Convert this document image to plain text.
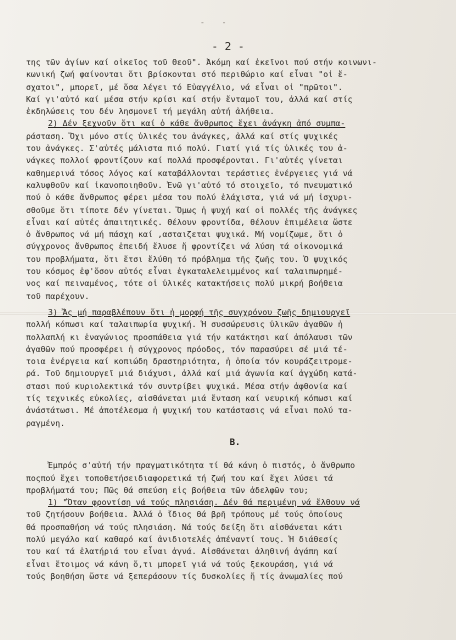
- -
- 2 -
της τῶν ἁγίων καί οἰκεῖος τοῦ Θεοῦ". Ἀκόμη καί ἐκεῖνοι πού στήν κοινωνι-
κωνική ζωή φαίνονται ὅτι βρίσκονται στό περιθώριο καί εἶναι "οἱ ἔ-
σχατοι", μπορεῖ, μέ ὅσα λέγει τό Εὐαγγέλιο, νά εἶναι οἱ "πρῶτοι".
Καί γι'αὐτό καί μέσα στήν κρίσι καί στήν ἔνταμοῖ του, ἀλλά καί στίς
ἐκδηλώσεις του δέν λησμονεῖ τή μεγάλη αὐτή ἀλήθεια.
2) Δέν ξεχνοῦν ὅτι καί ὁ κάθε ἄνθρωπος ἔχει ἀνάγκη ἀπό συμπα-
ράσταση. Ὄχι μόνο στίς ὑλικές του ἀνάγκες, ἀλλά καί στίς ψυχικές
του ἀνάγκες. Σ'αὐτές μάλιστα πιό πολύ. Γιατί γιά τίς ὑλικές του ἀ-
νάγκες πολλοί φροντίζουν καί πολλά προσφέρονται. Γι'αὐτές γίνεται
καθημερινά τόσος λόγος καί καταβάλλονται τεράστιες ἐνέργειες γιά νά
καλυφθοῦν καί ἱκανοποιηθοῦν. Ἐνῶ γι'αὐτό τό στοιχεῖο, τό πνευματικό
πού ὁ κάθε ἄνθρωπος φέρει μέσα του πολύ ἐλάχιστα, γιά νά μή ἰσχυρι-
σθοῦμε ὅτι τίποτε δέν γίνεται. Ὅμως ἡ ψυχή καί οἱ πολλές τῆς ἀνάγκες
εἶναι καί αὐτές ἀπαιτητικές. Θέλουν φροντίδα, θέλουν ἐπιμέλεια ὥστε
ὁ ἄνθρωπος νά μή πάσχη καί ,ασταιζεται ψυχικά. Μή νομίζωμε, ὅτι ὁ
σύγχρονος ἄνθρωπος ἐπειδή ἔλυσε ἤ φροντίζει νά λύση τά οἰκονομικά
του προβλήματα, ὅτι ἔτσι ἔλύθη τό πρόβλημα τῆς ζωῆς του. Ὁ ψυχικός
του κόσμος ἐφ'ὅσον αὐτός εἶναι ἐγκαταλελειμμένος καί ταλαιπωρημέ-
νος καί πειναμένος, τότε οἱ ὑλικές κατακτήσεις πολύ μικρή βοήθεια
τοῦ παρέχουν.
3) Ἄς μή παραβλέπουν ὅτι ἡ μορφή τῆς συγχρόνου ζωῆς δημιουργεῖ
πολλή κόπωσι καί ταλαιπωρία ψυχική. Ἡ συσσώρευσις ὑλικῶν ἀγαθῶν ἡ
πολλαπλή κι ἐναγώνιος προσπάθεια γιά τήν κατάκτησι καί ἀπόλαυσι τῶν
ἀγαθῶν πού προσφέρει ἡ σύγχρονος πρόοδος, τόν παρασύρει σέ μιά τέ-
τοια ἐνέργεια καί κοπιώδη δραστηριότητα, ἡ ὁποία τόν κουράζειτρομε-
ρά. Τοῦ δημιουργεῖ μιά διάχυσι, ἀλλά καί μιά ἀγωνία καί ἀγχώδη κατά-
στασι πού κυριολεκτικά τόν συντρίβει ψυχικά. Μέσα στήν ἀφθονία καί
τίς τεχνικές εὐκολίες, αἰσθάνεται μιά ἔνταση καί νευρική κόπωσι καί
ἀνάστάτωσι. Μέ ἀποτέλεσμα ἡ ψυχική του κατάστασις νά εἶναι πολύ τα-
ραγμένη.
Β.
Ἐμπρός σ'αὐτή τήν πραγματικότητα τί θά κάνη ὁ πιστός, ὁ ἄνθρωπο
ποςπού ἔχει τοποθετήσειδιαφορετικά τή ζωή του καί ἔχει λύσει τά
προβλήματά του; Πῶς θά σπεύση εἰς βοήθεια τῶν ἀδελφῶν του;
1) "Ὅταν φροντίση νά τούς πλησιάση. Δέν θά περιμένη νά ἔλθουν νά
τοῦ ζητήσουν βοήθεια. Ἀλλά ὁ ἴδιος θά βρῆ τρόπους μέ τούς ὁποίους
θά προσπαθήση νά τούς πλησιάση. Νά τούς δείξη ὅτι αἰσθάνεται κάτι
πολύ μεγάλο καί καθαρό καί ἀνιδιοτελές ἀπέναντί τους. Ἡ διάθεσίς
του καί τά ἐλατήριά του εἶναι ἁγνά. Αἰσθάνεται ἀληθινή ἀγάπη καί
εἶναι ἕτοιμος νά κάνη ὅ,τι μπορεῖ γιά νά τούς ξεκουράση, γιά νά
τούς βοηθήση ὥστε νά ξεπεράσουν τίς δυσκολίες ἤ τίς ἀνωμαλίες πού
